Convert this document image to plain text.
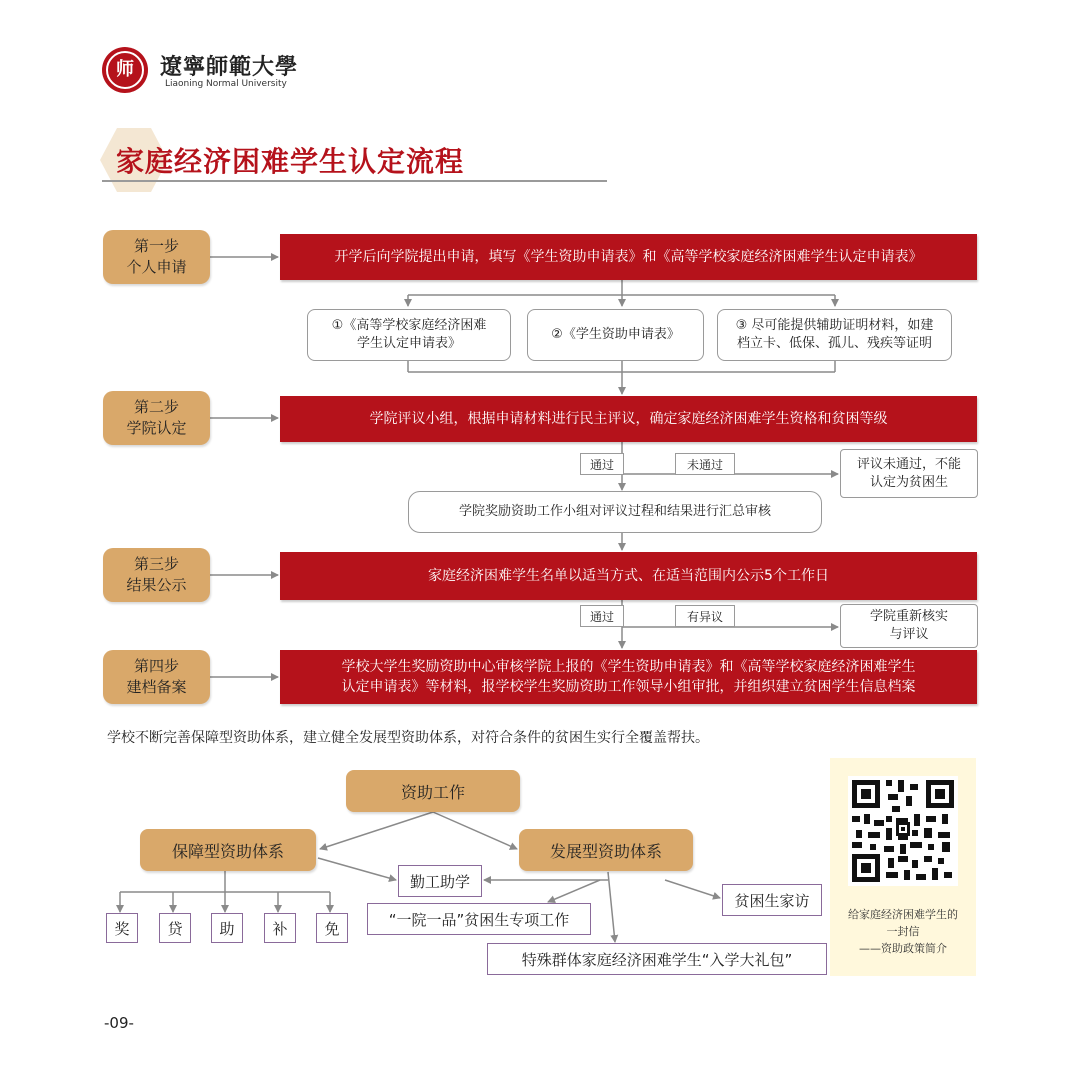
师	遼寧師範大學
Liaoning Normal University
家庭经济困难学生认定流程
第一步
个人申请
第二步
学院认定
第三步
结果公示
第四步
建档备案
开学后向学院提出申请，填写《学生资助申请表》和《高等学校家庭经济困难学生认定申请表》
学院评议小组，根据申请材料进行民主评议，确定家庭经济困难学生资格和贫困等级
家庭经济困难学生名单以适当方式、在适当范围内公示5个工作日
学校大学生奖励资助中心审核学院上报的《学生资助申请表》和《高等学校家庭经济困难学生
认定申请表》等材料，报学校学生奖励资助工作领导小组审批，并组织建立贫困学生信息档案
①《高等学校家庭经济困难
学生认定申请表》
②《学生资助申请表》
③ 尽可能提供辅助证明材料，如建
档立卡、低保、孤儿、残疾等证明
通过	未通过	评议未通过，不能
认定为贫困生
学院奖励资助工作小组对评议过程和结果进行汇总审核
通过	有异议	学院重新核实
与评议
学校不断完善保障型资助体系，建立健全发展型资助体系，对符合条件的贫困生实行全覆盖帮扶。
资助工作
保障型资助体系	发展型资助体系
奖	贷	助	补	免
勤工助学
“一院一品”贫困生专项工作
特殊群体家庭经济困难学生“入学大礼包”
贫困生家访
给家庭经济困难学生的
一封信
——资助政策简介
-09-
